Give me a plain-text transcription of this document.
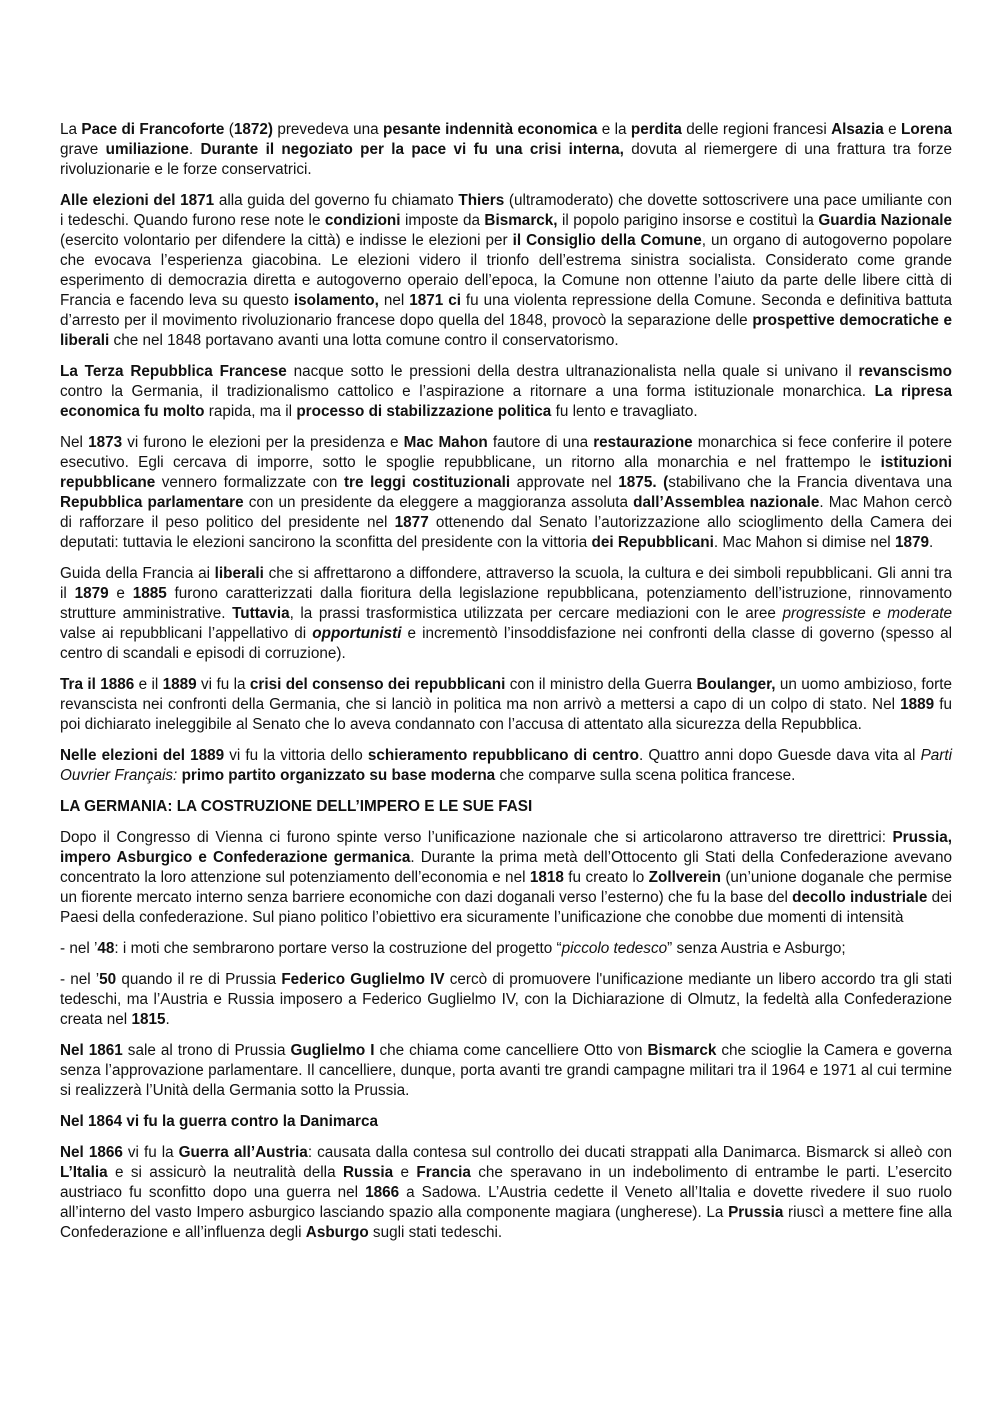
La Pace di Francoforte (1872) prevedeva una pesante indennità economica e la perdita delle regioni francesi Alsazia e Lorena grave umiliazione. Durante il negoziato per la pace vi fu una crisi interna, dovuta al riemergere di una frattura tra forze rivoluzionarie e le forze conservatrici.

Alle elezioni del 1871 alla guida del governo fu chiamato Thiers (ultramoderato) che dovette sottoscrivere una pace umiliante con i tedeschi. Quando furono rese note le condizioni imposte da Bismarck, il popolo parigino insorse e costituì la Guardia Nazionale (esercito volontario per difendere la città) e indisse le elezioni per il Consiglio della Comune, un organo di autogoverno popolare che evocava l’esperienza giacobina. Le elezioni videro il trionfo dell’estrema sinistra socialista. Considerato come grande esperimento di democrazia diretta e autogoverno operaio dell’epoca, la Comune non ottenne l’aiuto da parte delle libere città di Francia e facendo leva su questo isolamento, nel 1871 ci fu una violenta repressione della Comune. Seconda e definitiva battuta d’arresto per il movimento rivoluzionario francese dopo quella del 1848, provocò la separazione delle prospettive democratiche e liberali che nel 1848 portavano avanti una lotta comune contro il conservatorismo.

La Terza Repubblica Francese nacque sotto le pressioni della destra ultranazionalista nella quale si univano il revanscismo contro la Germania, il tradizionalismo cattolico e l’aspirazione a ritornare a una forma istituzionale monarchica. La ripresa economica fu molto rapida, ma il processo di stabilizzazione politica fu lento e travagliato.

Nel 1873 vi furono le elezioni per la presidenza e Mac Mahon fautore di una restaurazione monarchica si fece conferire il potere esecutivo. Egli cercava di imporre, sotto le spoglie repubblicane, un ritorno alla monarchia e nel frattempo le istituzioni repubblicane vennero formalizzate con tre leggi costituzionali approvate nel 1875. (stabilivano che la Francia diventava una Repubblica parlamentare con un presidente da eleggere a maggioranza assoluta dall’Assemblea nazionale. Mac Mahon cercò di rafforzare il peso politico del presidente nel 1877 ottenendo dal Senato l’autorizzazione allo scioglimento della Camera dei deputati: tuttavia le elezioni sancirono la sconfitta del presidente con la vittoria dei Repubblicani. Mac Mahon si dimise nel 1879.

Guida della Francia ai liberali che si affrettarono a diffondere, attraverso la scuola, la cultura e dei simboli repubblicani. Gli anni tra il 1879 e 1885 furono caratterizzati dalla fioritura della legislazione repubblicana, potenziamento dell’istruzione, rinnovamento strutture amministrative. Tuttavia, la prassi trasformistica utilizzata per cercare mediazioni con le aree progressiste e moderate valse ai repubblicani l’appellativo di opportunisti e incrementò l’insoddisfazione nei confronti della classe di governo (spesso al centro di scandali e episodi di corruzione).

Tra il 1886 e il 1889 vi fu la crisi del consenso dei repubblicani con il ministro della Guerra Boulanger, un uomo ambizioso, forte revanscista nei confronti della Germania, che si lanciò in politica ma non arrivò a mettersi a capo di un colpo di stato. Nel 1889 fu poi dichiarato ineleggibile al Senato che lo aveva condannato con l’accusa di attentato alla sicurezza della Repubblica.

Nelle elezioni del 1889 vi fu la vittoria dello schieramento repubblicano di centro. Quattro anni dopo Guesde dava vita al Parti Ouvrier Français: primo partito organizzato su base moderna che comparve sulla scena politica francese.

LA GERMANIA: LA COSTRUZIONE DELL’IMPERO E LE SUE FASI

Dopo il Congresso di Vienna ci furono spinte verso l’unificazione nazionale che si articolarono attraverso tre direttrici: Prussia, impero Asburgico e Confederazione germanica. Durante la prima metà dell’Ottocento gli Stati della Confederazione avevano concentrato la loro attenzione sul potenziamento dell’economia e nel 1818 fu creato lo Zollverein (un’unione doganale che permise un fiorente mercato interno senza barriere economiche con dazi doganali verso l’esterno) che fu la base del decollo industriale dei Paesi della confederazione. Sul piano politico l’obiettivo era sicuramente l’unificazione che conobbe due momenti di intensità

- nel ’48: i moti che sembrarono portare verso la costruzione del progetto “piccolo tedesco” senza Austria e Asburgo;

- nel ’50 quando il re di Prussia Federico Guglielmo IV cercò di promuovere l'unificazione mediante un libero accordo tra gli stati tedeschi, ma l’Austria e Russia imposero a Federico Guglielmo IV, con la Dichiarazione di Olmutz, la fedeltà alla Confederazione creata nel 1815.

Nel 1861 sale al trono di Prussia Guglielmo I che chiama come cancelliere Otto von Bismarck che scioglie la Camera e governa senza l’approvazione parlamentare. Il cancelliere, dunque, porta avanti tre grandi campagne militari tra il 1964 e 1971 al cui termine si realizzerà l’Unità della Germania sotto la Prussia.

Nel 1864 vi fu la guerra contro la Danimarca

Nel 1866 vi fu la Guerra all’Austria: causata dalla contesa sul controllo dei ducati strappati alla Danimarca. Bismarck si alleò con L’Italia e si assicurò la neutralità della Russia e Francia che speravano in un indebolimento di entrambe le parti. L’esercito austriaco fu sconfitto dopo una guerra nel 1866 a Sadowa. L’Austria cedette il Veneto all’Italia e dovette rivedere il suo ruolo all’interno del vasto Impero asburgico lasciando spazio alla componente magiara (ungherese). La Prussia riuscì a mettere fine alla Confederazione e all’influenza degli Asburgo sugli stati tedeschi.
